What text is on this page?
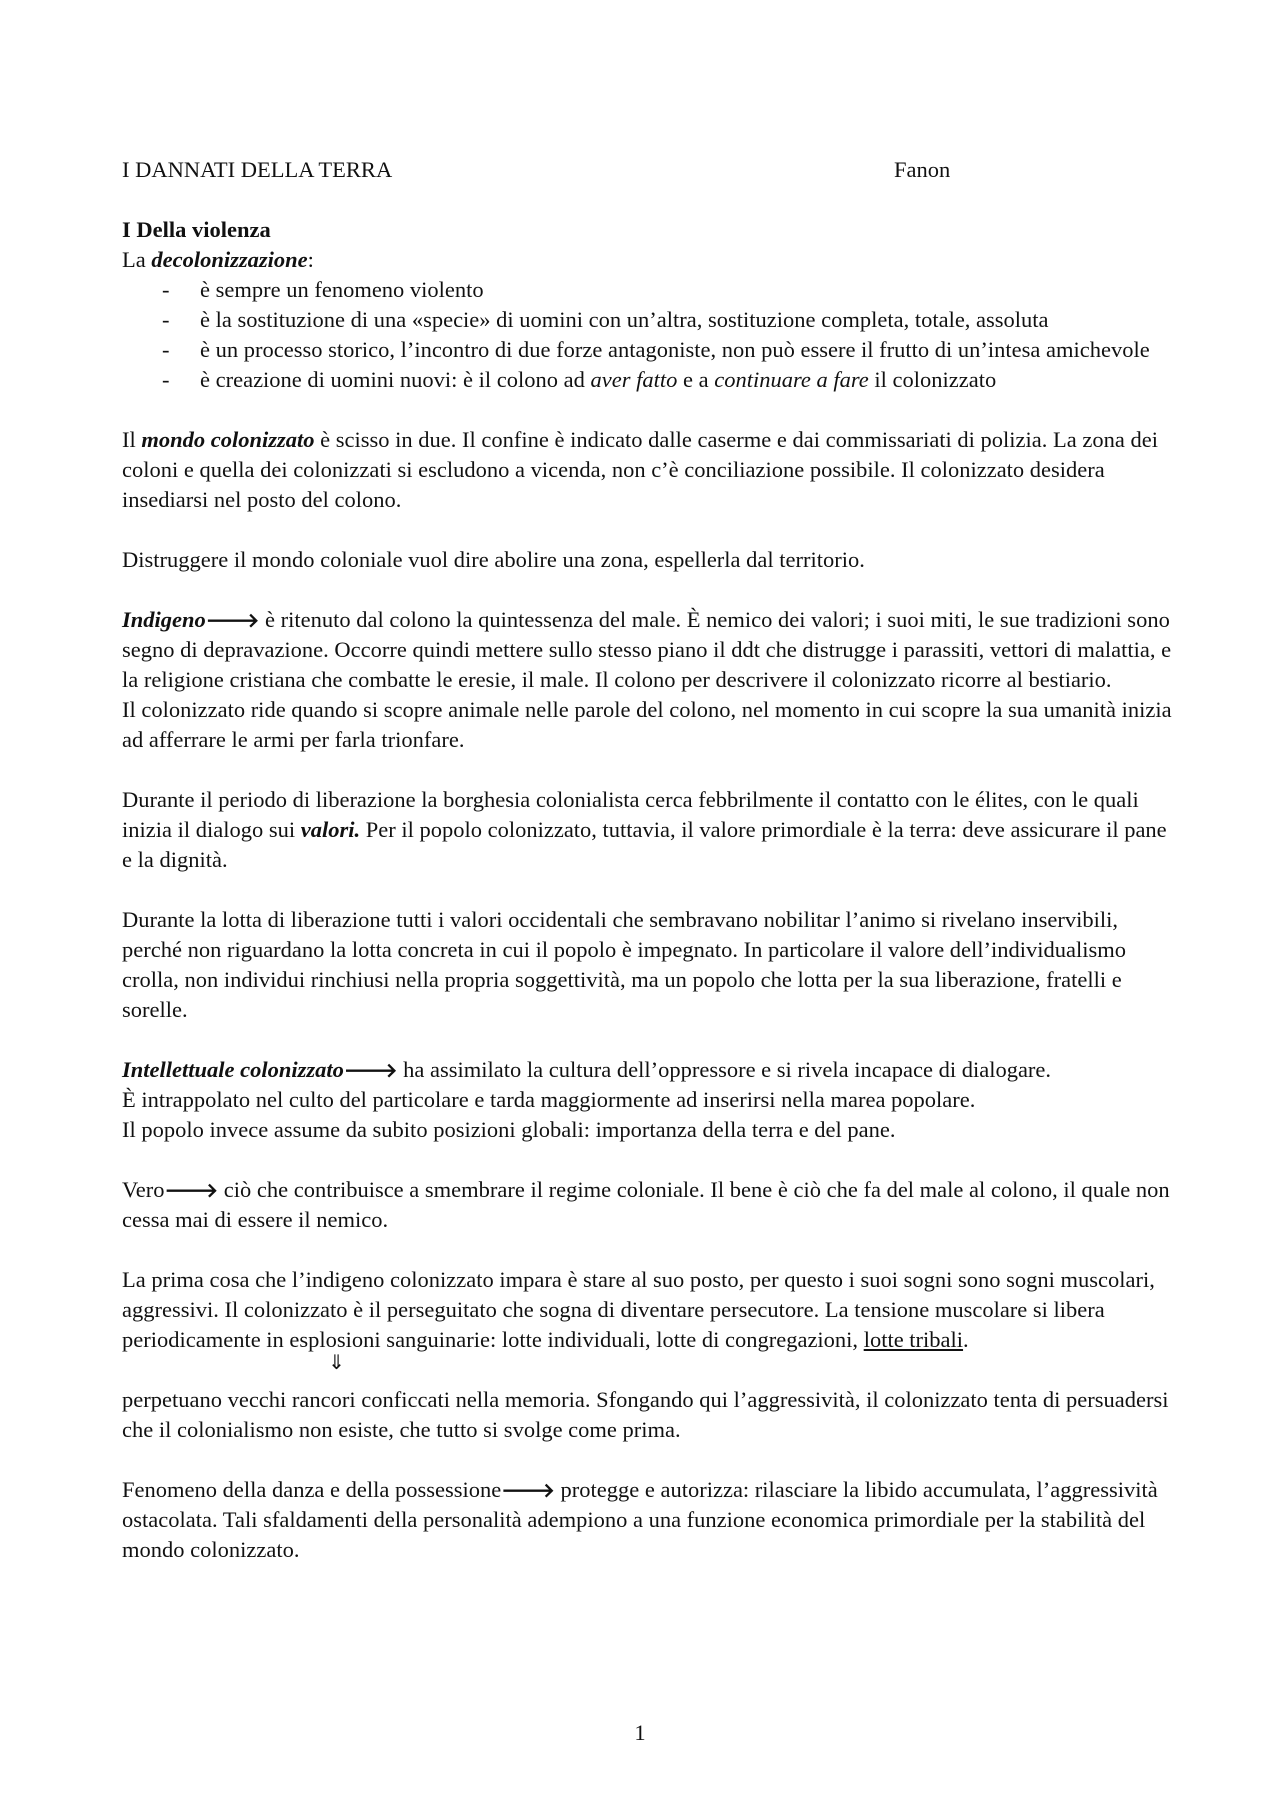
I DANNATI DELLA TERRA	Fanon

I Della violenza

La decolonizzazione:

- è sempre un fenomeno violento
- è la sostituzione di una «specie» di uomini con un’altra, sostituzione completa, totale, assoluta
- è un processo storico, l’incontro di due forze antagoniste, non può essere il frutto di un’intesa amichevole
- è creazione di uomini nuovi: è il colono ad aver fatto e a continuare a fare il colonizzato

Il mondo colonizzato è scisso in due. Il confine è indicato dalle caserme e dai commissariati di polizia. La zona dei coloni e quella dei colonizzati si escludono a vicenda, non c’è conciliazione possibile. Il colonizzato desidera insediarsi nel posto del colono.

Distruggere il mondo coloniale vuol dire abolire una zona, espellerla dal territorio.

Indigeno🡒 è ritenuto dal colono la quintessenza del male. È nemico dei valori; i suoi miti, le sue tradizioni sono segno di depravazione. Occorre quindi mettere sullo stesso piano il ddt che distrugge i parassiti, vettori di malattia, e la religione cristiana che combatte le eresie, il male. Il colono per descrivere il colonizzato ricorre al bestiario.

Il colonizzato ride quando si scopre animale nelle parole del colono, nel momento in cui scopre la sua umanità inizia ad afferrare le armi per farla trionfare.

Durante il periodo di liberazione la borghesia colonialista cerca febbrilmente il contatto con le élites, con le quali inizia il dialogo sui valori. Per il popolo colonizzato, tuttavia, il valore primordiale è la terra: deve assicurare il pane e la dignità.

Durante la lotta di liberazione tutti i valori occidentali che sembravano nobilitar l’animo si rivelano inservibili, perché non riguardano la lotta concreta in cui il popolo è impegnato. In particolare il valore dell’individualismo crolla, non individui rinchiusi nella propria soggettività, ma un popolo che lotta per la sua liberazione, fratelli e sorelle.

Intellettuale colonizzato🡒 ha assimilato la cultura dell’oppressore e si rivela incapace di dialogare.

È intrappolato nel culto del particolare e tarda maggiormente ad inserirsi nella marea popolare.

Il popolo invece assume da subito posizioni globali: importanza della terra e del pane.

Vero🡒 ciò che contribuisce a smembrare il regime coloniale. Il bene è ciò che fa del male al colono, il quale non cessa mai di essere il nemico.

La prima cosa che l’indigeno colonizzato impara è stare al suo posto, per questo i suoi sogni sono sogni muscolari, aggressivi. Il colonizzato è il perseguitato che sogna di diventare persecutore. La tensione muscolare si libera periodicamente in esplosioni sanguinarie: lotte individuali, lotte di congregazioni, lotte tribali.

⇓

perpetuano vecchi rancori conficcati nella memoria. Sfongando qui l’aggressività, il colonizzato tenta di persuadersi che il colonialismo non esiste, che tutto si svolge come prima.

Fenomeno della danza e della possessione🡒 protegge e autorizza: rilasciare la libido accumulata, l’aggressività ostacolata. Tali sfaldamenti della personalità adempiono a una funzione economica primordiale per la stabilità del mondo colonizzato.

1
